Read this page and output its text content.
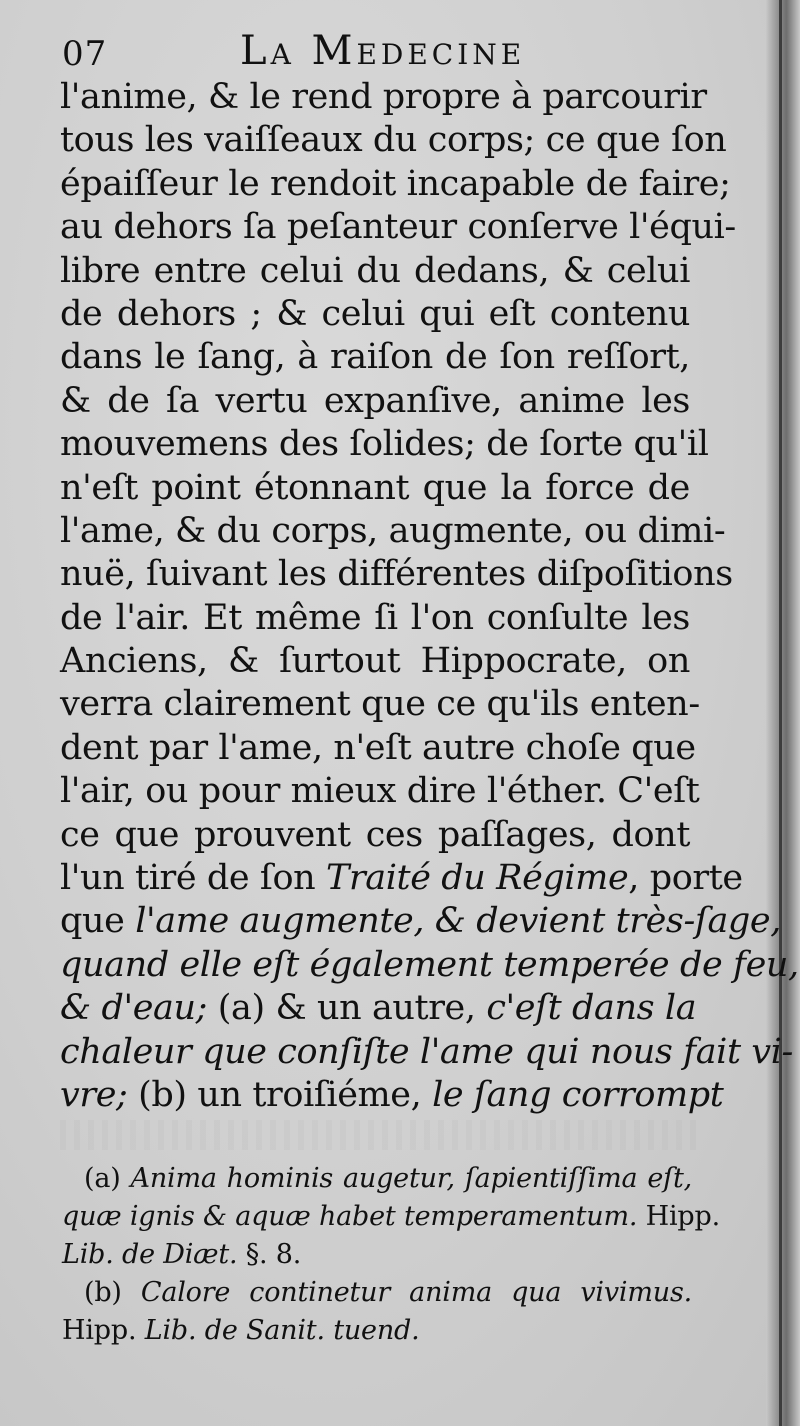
07	La Medecine
l'anime, & le rend propre à parcourir
tous les vaiſſeaux du corps; ce que ſon
épaiſſeur le rendoit incapable de faire;
au dehors ſa peſanteur conſerve l'équi-
libre entre celui du dedans, & celui
de dehors ; & celui qui eſt contenu
dans le ſang, à raiſon de ſon reſſort,
& de ſa vertu expanſive, anime les
mouvemens des ſolides; de ſorte qu'il
n'eſt point étonnant que la force de
l'ame, & du corps, augmente, ou dimi-
nuë, ſuivant les différentes diſpoſitions
de l'air. Et même ſi l'on conſulte les
Anciens, & ſurtout Hippocrate, on
verra clairement que ce qu'ils enten-
dent par l'ame, n'eſt autre choſe que
l'air, ou pour mieux dire l'éther. C'eſt
ce que prouvent ces paſſages, dont
l'un tiré de ſon Traité du Régime, porte
que l'ame augmente, & devient très-ſage,
quand elle eſt également temperée de feu,
& d'eau; (a) & un autre, c'eſt dans la
chaleur que conſiſte l'ame qui nous fait vi-
vre; (b) un troiſiéme, le ſang corrompt
(a) Anima hominis augetur, ſapientiſſima eſt,
quæ ignis & aquæ habet temperamentum. Hipp.
Lib. de Diæt. §. 8.
(b) Calore continetur anima qua vivimus.
Hipp. Lib. de Sanit. tuend.
